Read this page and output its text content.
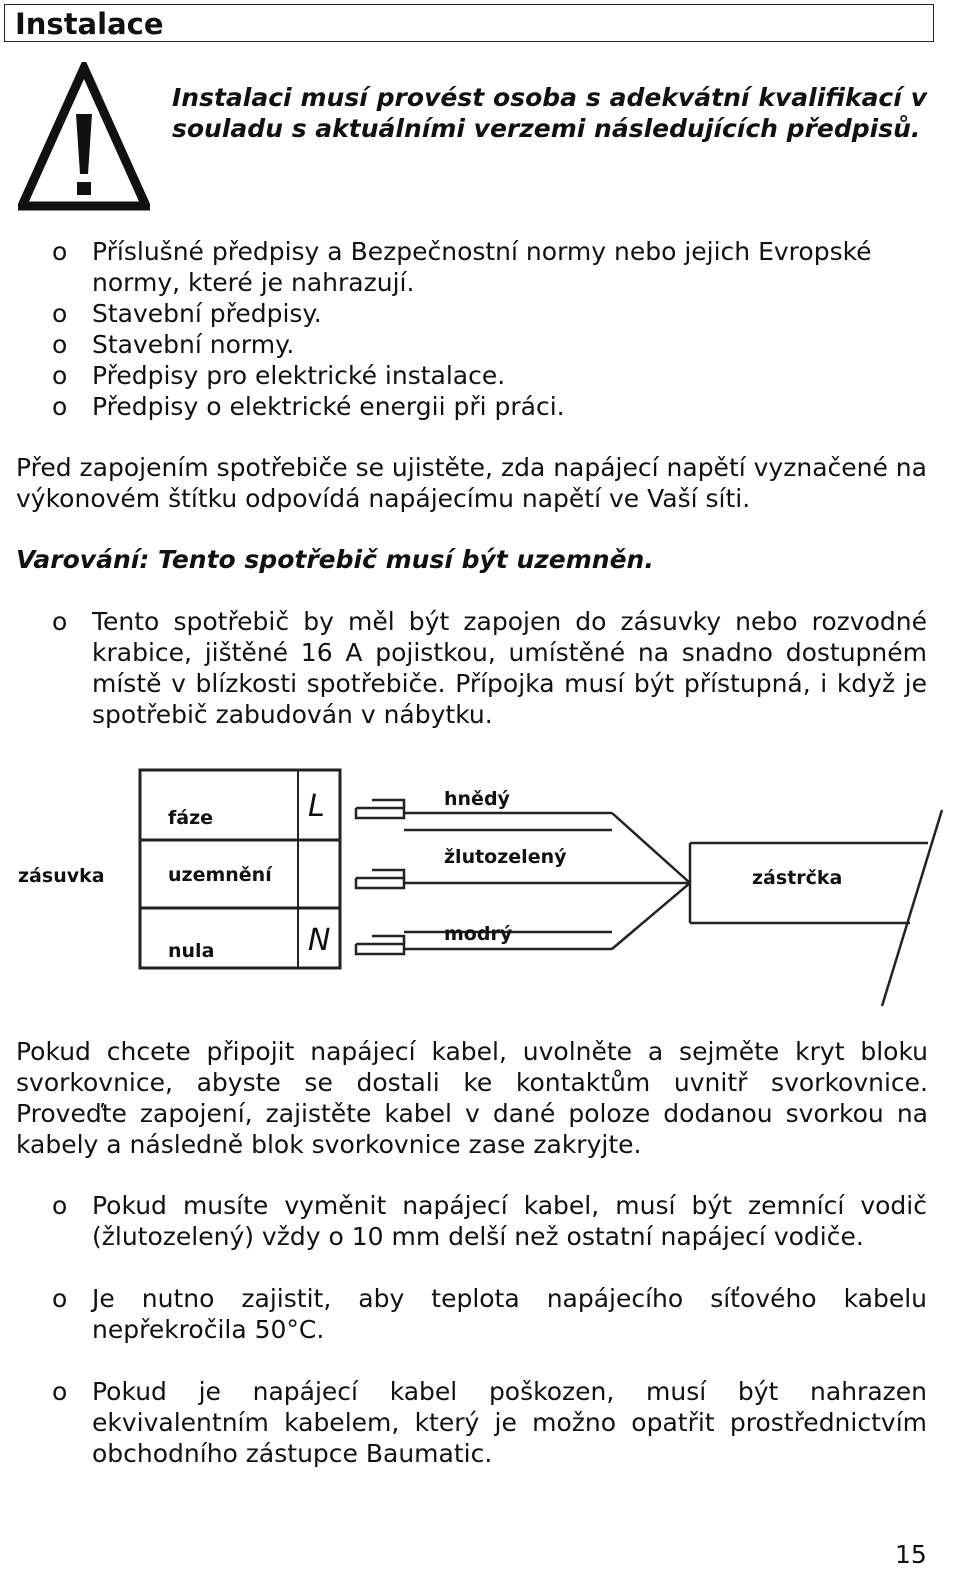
Instalace
Instalaci musí provést osoba s adekvátní kvalifikací v souladu s aktuálními verzemi následujících předpisů.
o Příslušné předpisy a Bezpečnostní normy nebo jejich Evropské normy, které je nahrazují.
o Stavební předpisy.
o Stavební normy.
o Předpisy pro elektrické instalace.
o Předpisy o elektrické energii při práci.
Před zapojením spotřebiče se ujistěte, zda napájecí napětí vyznačené na výkonovém štítku odpovídá napájecímu napětí ve Vaší síti.
Varování: Tento spotřebič musí být uzemněn.
o Tento spotřebič by měl být zapojen do zásuvky nebo rozvodné krabice, jištěné 16 A pojistkou, umístěné na snadno dostupném místě v blízkosti spotřebiče. Přípojka musí být přístupná, i když je spotřebič zabudován v nábytku.
zásuvka
fáze
uzemnění
nula
L
N
hnědý
žlutozelený
modrý
zástrčka
Pokud chcete připojit napájecí kabel, uvolněte a sejměte kryt bloku svorkovnice, abyste se dostali ke kontaktům uvnitř svorkovnice. Proveďte zapojení, zajistěte kabel v dané poloze dodanou svorkou na kabely a následně blok svorkovnice zase zakryjte.
o Pokud musíte vyměnit napájecí kabel, musí být zemnící vodič (žlutozelený) vždy o 10 mm delší než ostatní napájecí vodiče.
o Je nutno zajistit, aby teplota napájecího síťového kabelu nepřekročila 50°C.
o Pokud je napájecí kabel poškozen, musí být nahrazen ekvivalentním kabelem, který je možno opatřit prostřednictvím obchodního zástupce Baumatic.
15
